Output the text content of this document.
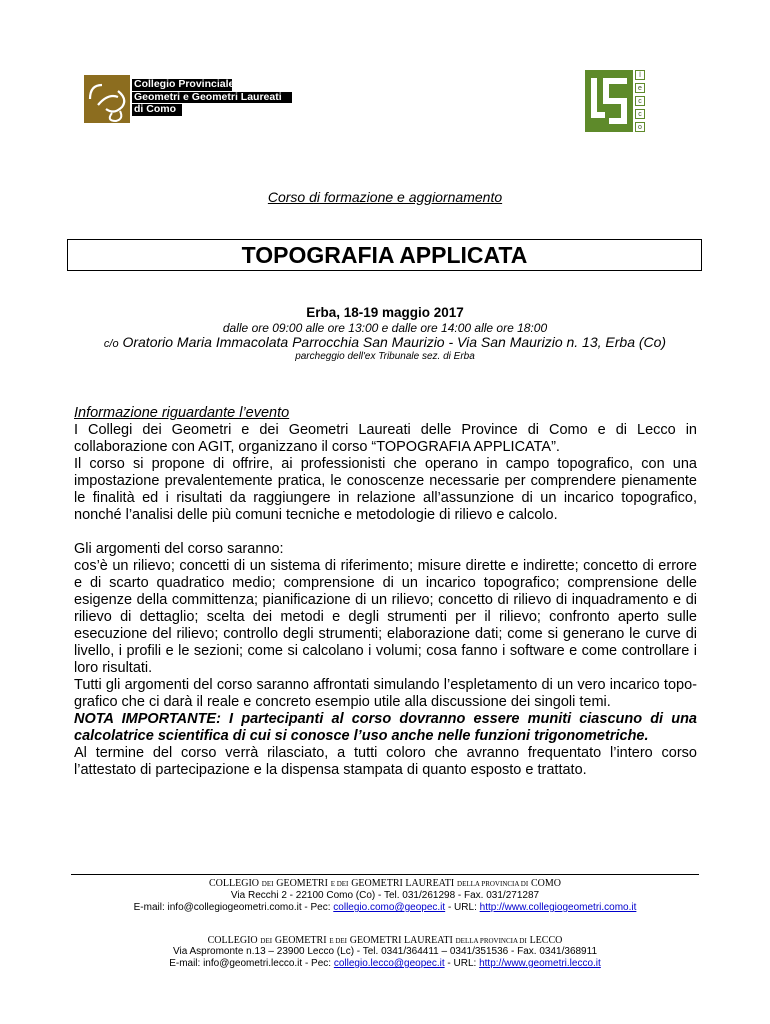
Collegio Provinciale
Geometri e Geometri Laureati
di Como
l
e
c
c
o
Corso di formazione e aggiornamento
TOPOGRAFIA APPLICATA
Erba, 18-19 maggio 2017
dalle ore 09:00 alle ore 13:00 e dalle ore 14:00 alle ore 18:00
c/o Oratorio Maria Immacolata Parrocchia San Maurizio - Via San Maurizio n. 13, Erba (Co)
parcheggio dell'ex Tribunale sez. di Erba

Informazione riguardante l’evento

I Collegi dei Geometri e dei Geometri Laureati delle Province di Como e di Lecco in collaborazione con AGIT, organizzano il corso “TOPOGRAFIA APPLICATA”.

Il corso si propone di offrire, ai professionisti che operano in campo topografico, con una impostazione prevalentemente pratica, le conoscenze necessarie per comprendere pienamente le finalità ed i risultati da raggiungere in relazione all’assunzione di un incarico topografico, nonché l’analisi delle più comuni tecniche e metodologie di rilievo e calcolo.

Gli argomenti del corso saranno:

cos’è un rilievo; concetti di un sistema di riferimento; misure dirette e indirette; concetto di errore e di scarto quadratico medio; comprensione di un incarico topografico; comprensione delle esigenze della committenza; pianificazione di un rilievo; concetto di rilievo di inquadramento e di rilievo di dettaglio; scelta dei metodi e degli strumenti per il rilievo; confronto aperto sulle esecuzione del rilievo; controllo degli strumenti; elaborazione dati; come si generano le curve di livello, i profili e le sezioni; come si calcolano i volumi; cosa fanno i software e come controllare i loro risultati.

Tutti gli argomenti del corso saranno affrontati simulando l’espletamento di un vero incarico topo-grafico che ci darà il reale e concreto esempio utile alla discussione dei singoli temi.

NOTA IMPORTANTE: I partecipanti al corso dovranno essere muniti ciascuno di una calcolatrice scientifica di cui si conosce l’uso anche nelle funzioni trigonometriche.

Al termine del corso verrà rilasciato, a tutti coloro che avranno frequentato l’intero corso l’attestato di partecipazione e la dispensa stampata di quanto esposto e trattato.

COLLEGIO DEI GEOMETRI E DEI GEOMETRI LAUREATI DELLA PROVINCIA DI COMO
Via Recchi 2 - 22100 Como (Co) - Tel. 031/261298 - Fax. 031/271287
E-mail: info@collegiogeometri.como.it - Pec: collegio.como@geopec.it - URL: http://www.collegiogeometri.como.it
COLLEGIO DEI GEOMETRI E DEI GEOMETRI LAUREATI DELLA PROVINCIA DI LECCO
Via Aspromonte n.13 – 23900 Lecco (Lc) - Tel. 0341/364411 – 0341/351536 - Fax. 0341/368911
E-mail: info@geometri.lecco.it - Pec: collegio.lecco@geopec.it - URL: http://www.geometri.lecco.it
